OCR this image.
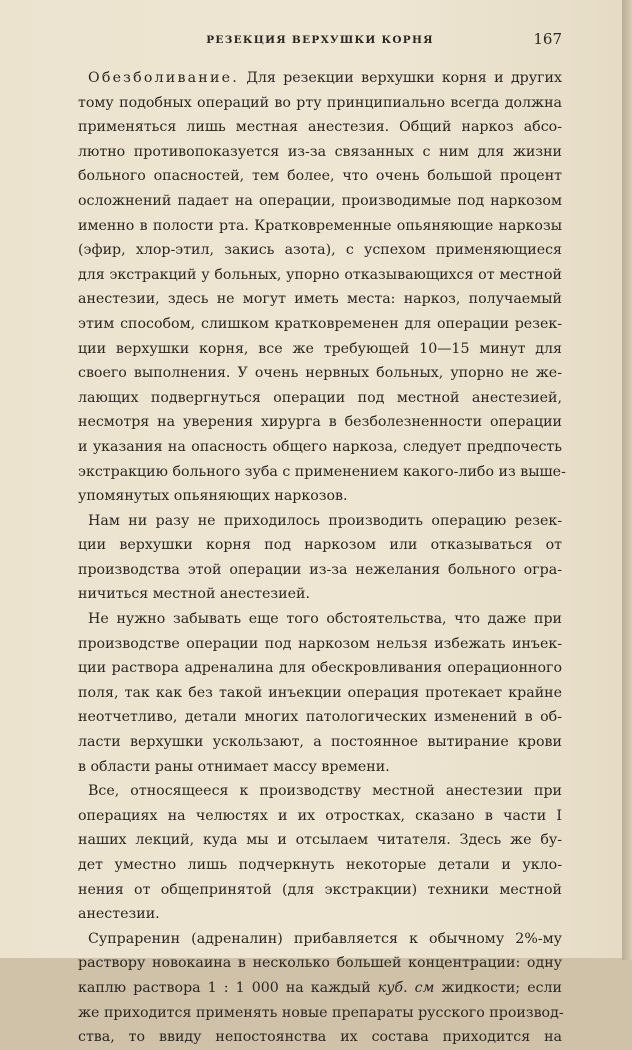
РЕЗЕКЦИЯ ВЕРХУШКИ КОРНЯ	167
Обезболивание. Для резекции верхушки корня и других
тому подобных операций во рту принципиально всегда должна
применяться лишь местная анестезия. Общий наркоз абсо-
лютно противопоказуется из-за связанных с ним для жизни
больного опасностей, тем более, что очень большой процент
осложнений падает на операции, производимые под наркозом
именно в полости рта. Кратковременные опьяняющие наркозы
(эфир, хлор-этил, закись азота), с успехом применяющиеся
для экстракций у больных, упорно отказывающихся от местной
анестезии, здесь не могут иметь места: наркоз, получаемый
этим способом, слишком кратковременен для операции резек-
ции верхушки корня, все же требующей 10—15 минут для
своего выполнения. У очень нервных больных, упорно не же-
лающих подвергнуться операции под местной анестезией,
несмотря на уверения хирурга в безболезненности операции
и указания на опасность общего наркоза, следует предпочесть
экстракцию больного зуба с применением какого-либо из выше-
упомянутых опьяняющих наркозов.
Нам ни разу не приходилось производить операцию резек-
ции верхушки корня под наркозом или отказываться от
производства этой операции из-за нежелания больного огра-
ничиться местной анестезией.
Не нужно забывать еще того обстоятельства, что даже при
производстве операции под наркозом нельзя избежать инъек-
ции раствора адреналина для обескровливания операционного
поля, так как без такой инъекции операция протекает крайне
неотчетливо, детали многих патологических изменений в об-
ласти верхушки ускользают, а постоянное вытирание крови
в области раны отнимает массу времени.
Все, относящееся к производству местной анестезии при
операциях на челюстях и их отростках, сказано в части I
наших лекций, куда мы и отсылаем читателя. Здесь же бу-
дет уместно лишь подчеркнуть некоторые детали и укло-
нения от общепринятой (для экстракции) техники местной
анестезии.
Супраренин (адреналин) прибавляется к обычному 2%-му
раствору новокаина в несколько большей концентрации: одну
каплю раствора 1 : 1 000 на каждый куб. см жидкости; если
же приходится применять новые препараты русского производ-
ства, то ввиду непостоянства их состава приходится на
